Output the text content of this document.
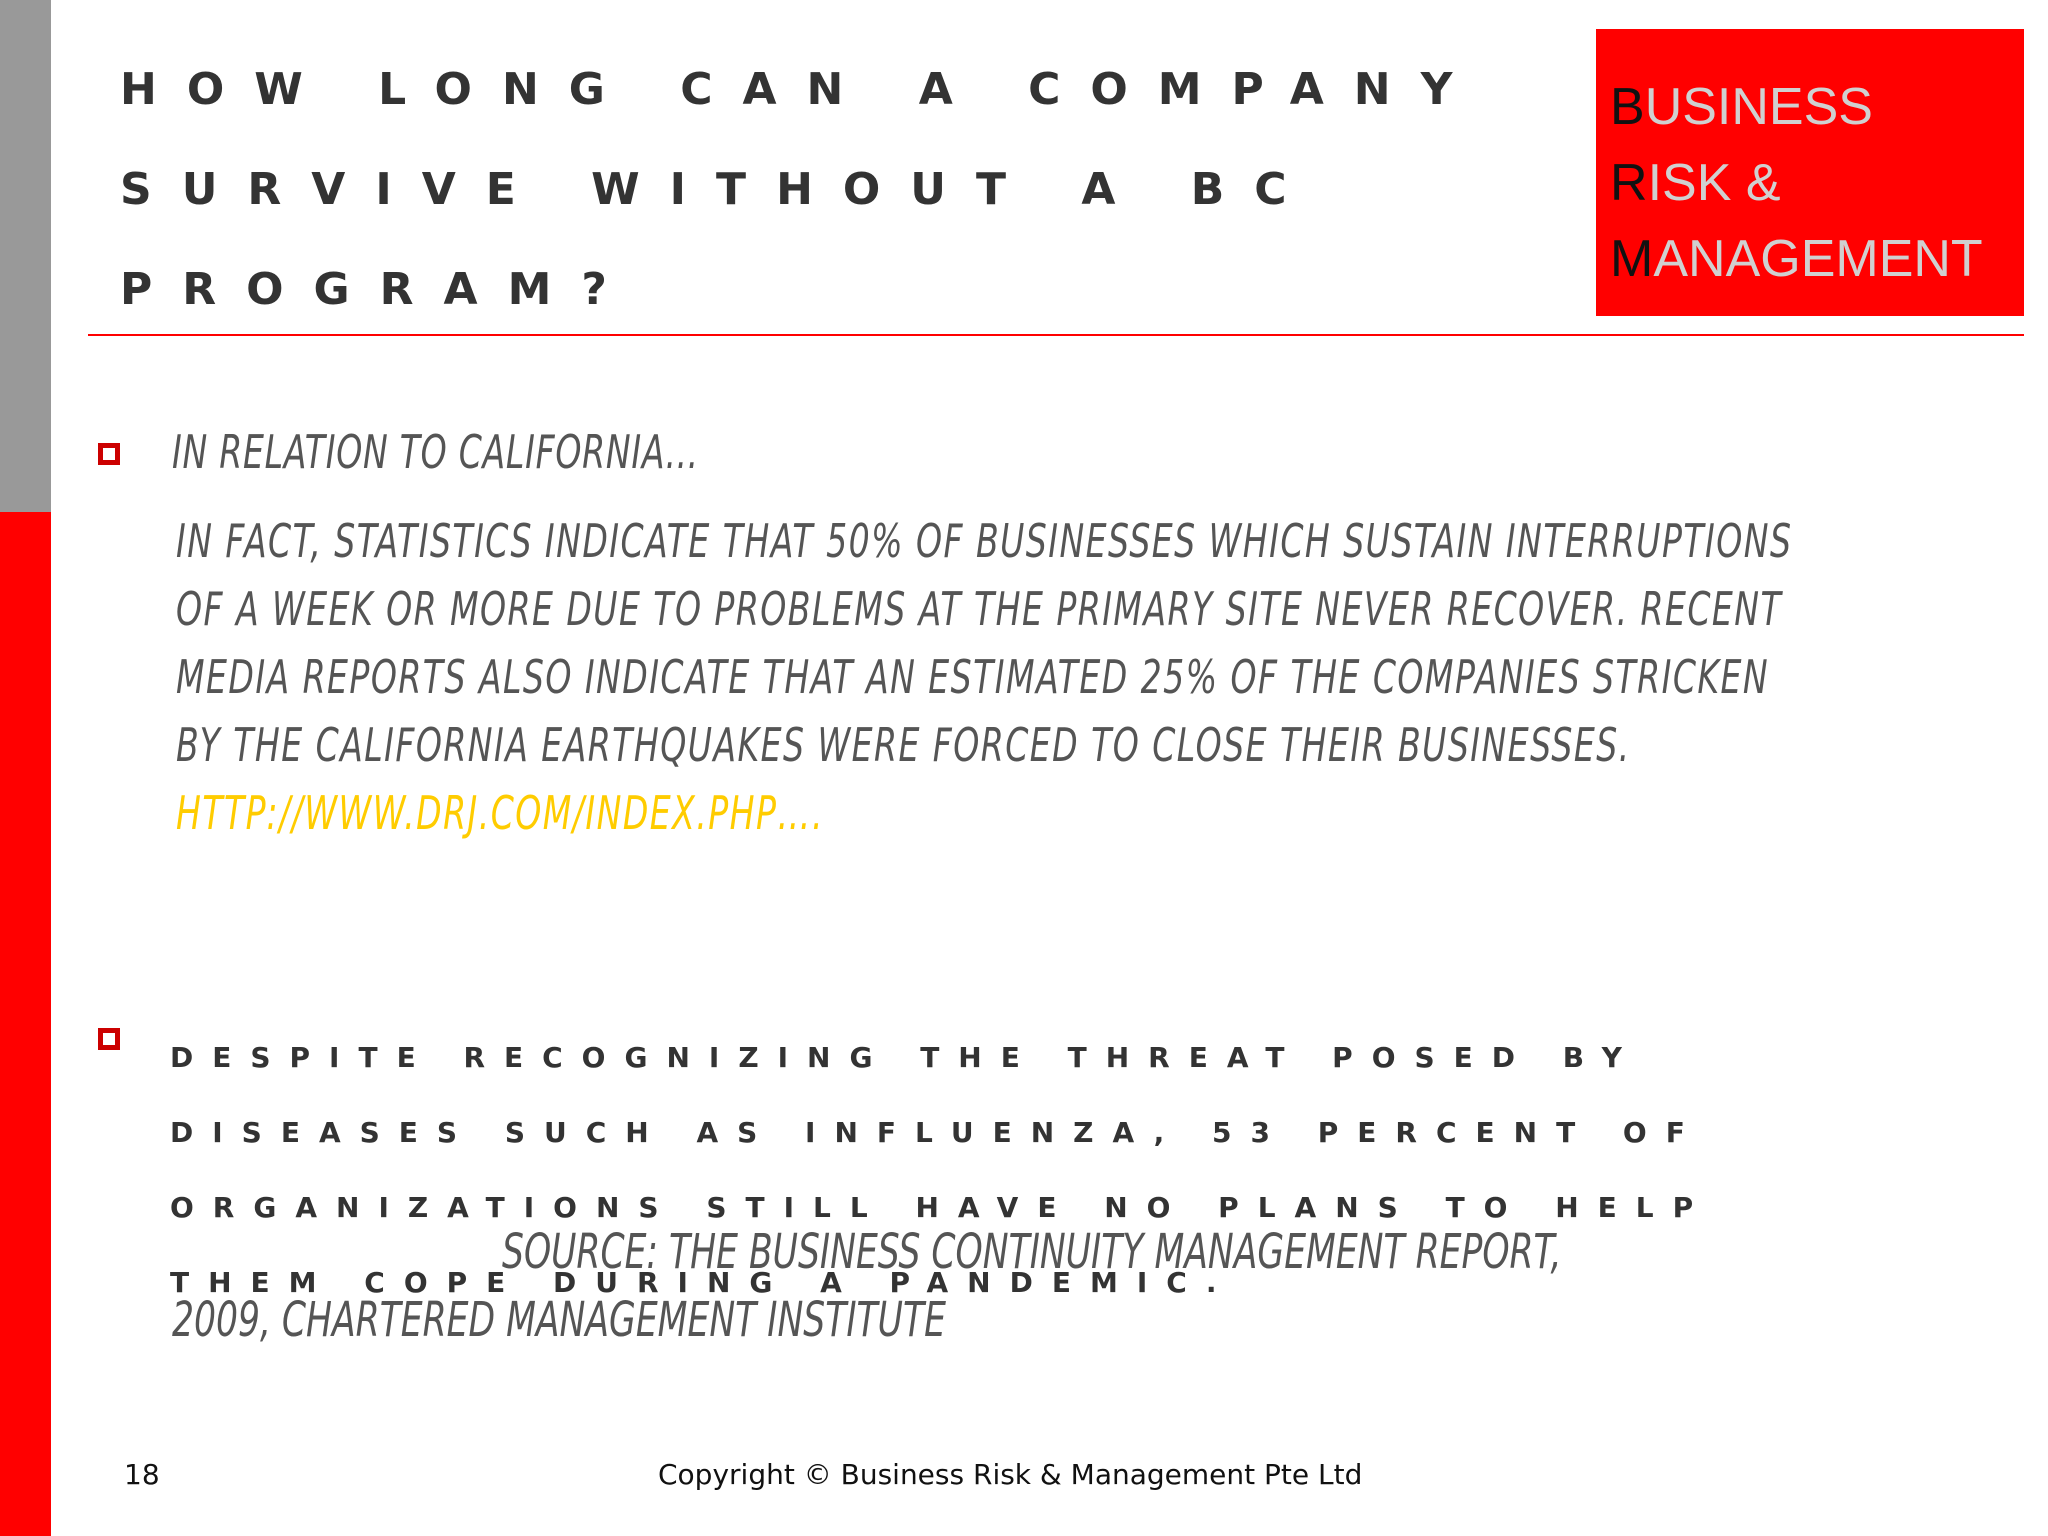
HOW LONG CAN A COMPANY
SURVIVE WITHOUT A BC
PROGRAM?
BUSINESS
RISK &
MANAGEMENT
IN RELATION TO CALIFORNIA…
IN FACT, STATISTICS INDICATE THAT 50% OF BUSINESSES WHICH SUSTAIN INTERRUPTIONS OF A WEEK OR MORE DUE TO PROBLEMS AT THE PRIMARY SITE NEVER RECOVER. RECENT MEDIA REPORTS ALSO INDICATE THAT AN ESTIMATED 25% OF THE COMPANIES STRICKEN BY THE CALIFORNIA EARTHQUAKES WERE FORCED TO CLOSE THEIR BUSINESSES.
HTTP://WWW.DRJ.COM/INDEX.PHP….
DESPITE RECOGNIZING THE THREAT POSED BY DISEASES SUCH AS INFLUENZA, 53 PERCENT OF ORGANIZATIONS STILL HAVE NO PLANS TO HELP THEM COPE DURING A PANDEMIC.
SOURCE: THE BUSINESS CONTINUITY MANAGEMENT REPORT,
2009, CHARTERED MANAGEMENT INSTITUTE
18	Copyright © Business Risk & Management Pte Ltd
